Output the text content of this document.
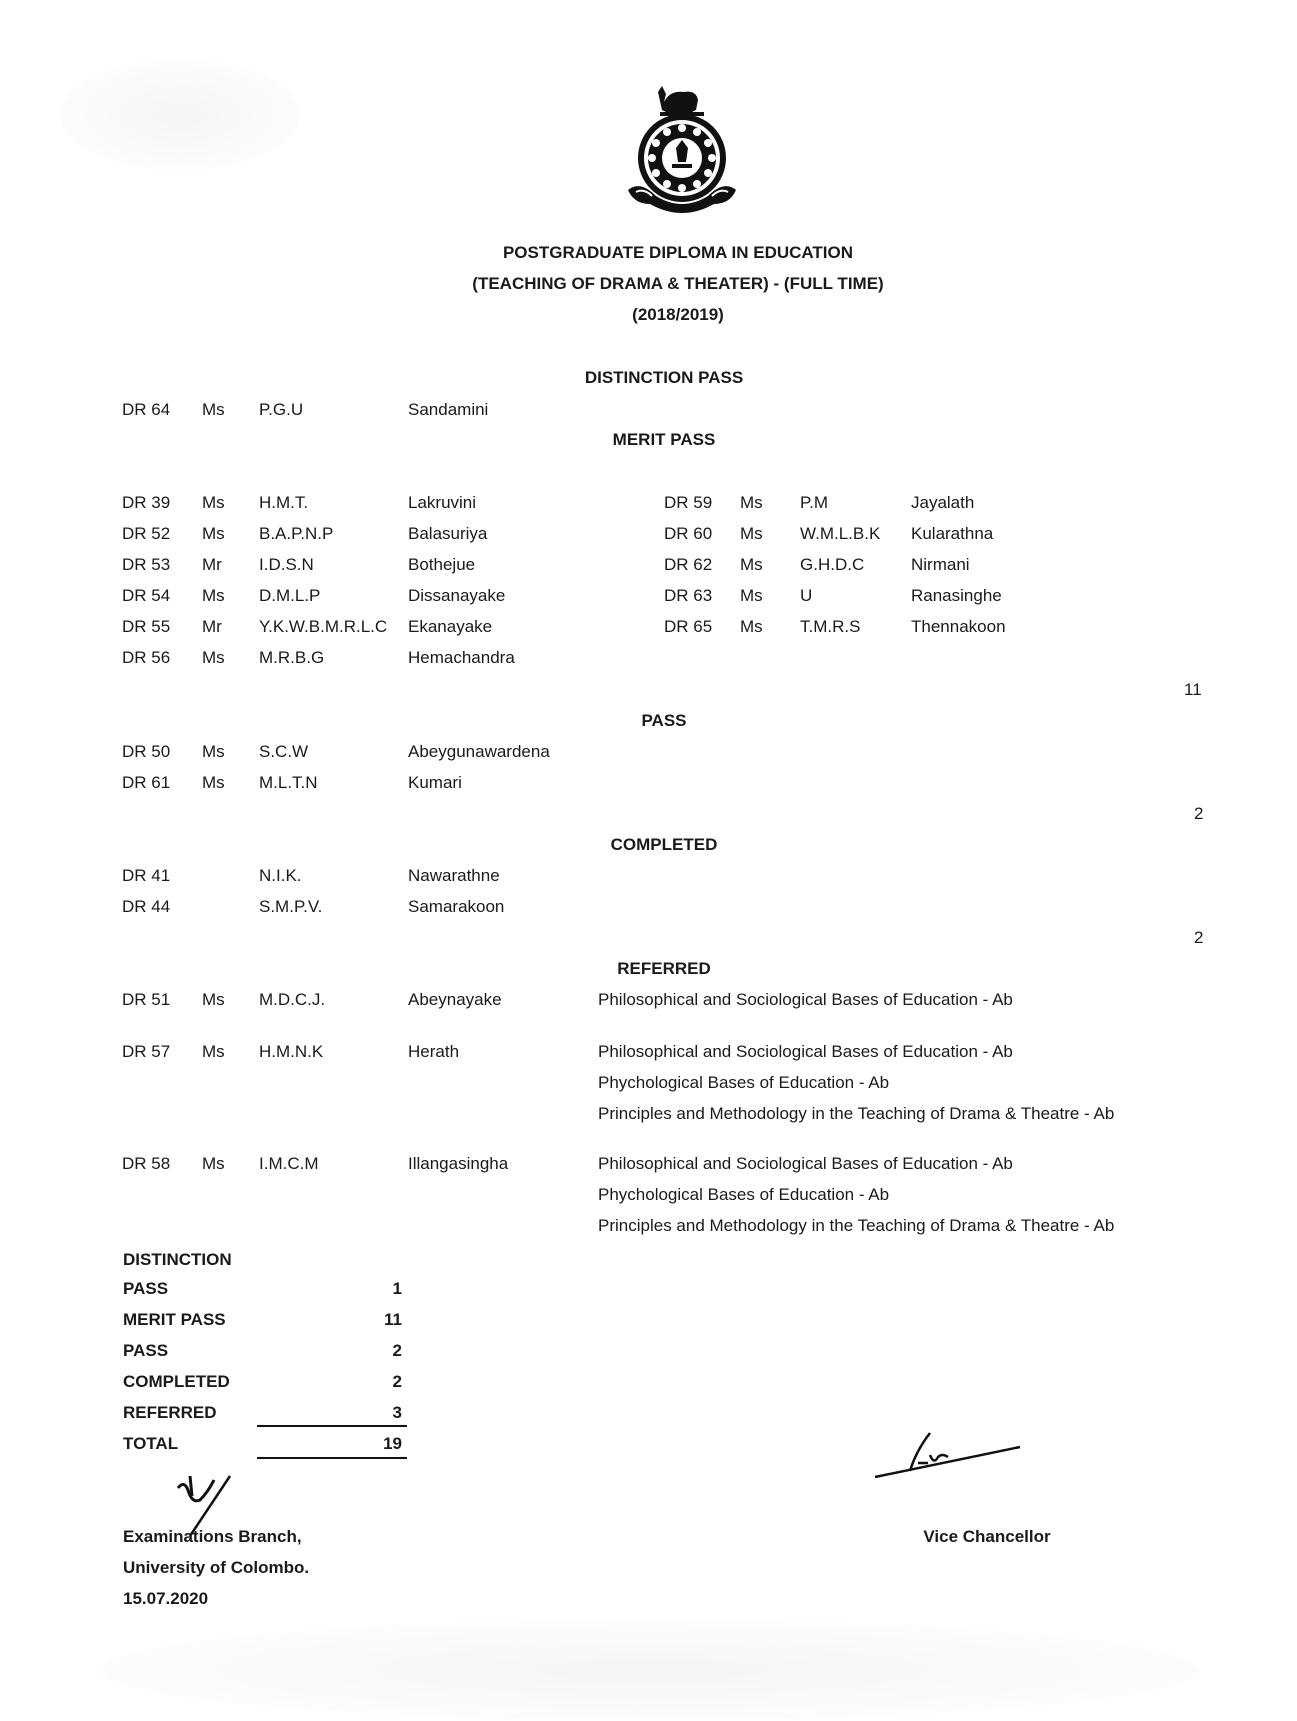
POSTGRADUATE DIPLOMA IN EDUCATION
(TEACHING OF DRAMA & THEATER) - (FULL TIME)
(2018/2019)
DISTINCTION PASS
DR 64 Ms P.G.U	Sandamini
MERIT PASS
DR 39 Ms H.M.T.	Lakruvini
DR 52 Ms B.A.P.N.P	Balasuriya
DR 53 Mr I.D.S.N	Bothejue
DR 54 Ms D.M.L.P	Dissanayake
DR 55 Mr Y.K.W.B.M.R.L.C Ekanayake
DR 56 Ms M.R.B.G	Hemachandra
DR 59 Ms P.M	Jayalath
DR 60 Ms W.M.L.B.K Kularathna
DR 62 Ms G.H.D.C	Nirmani
DR 63 Ms U	Ranasinghe
DR 65 Ms T.M.R.S	Thennakoon
11
PASS
DR 50 Ms S.C.W	Abeygunawardena
DR 61 Ms M.L.T.N	Kumari
2
COMPLETED
DR 41	N.I.K.	Nawarathne
DR 44	S.M.P.V.	Samarakoon
2
REFERRED
DR 51 Ms M.D.C.J.	Abeynayake	Philosophical and Sociological Bases of Education - Ab
DR 57 Ms H.M.N.K	Herath	Philosophical and Sociological Bases of Education - Ab
Phychological Bases of Education - Ab
Principles and Methodology in the Teaching of Drama & Theatre - Ab
DR 58 Ms I.M.C.M	Illangasingha	Philosophical and Sociological Bases of Education - Ab
Phychological Bases of Education - Ab
Principles and Methodology in the Teaching of Drama & Theatre - Ab
DISTINCTION
PASS	1
MERIT PASS	11
PASS	2
COMPLETED	2
REFERRED	3
TOTAL	19
Examinations Branch,
University of Colombo.
15.07.2020
Vice Chancellor
